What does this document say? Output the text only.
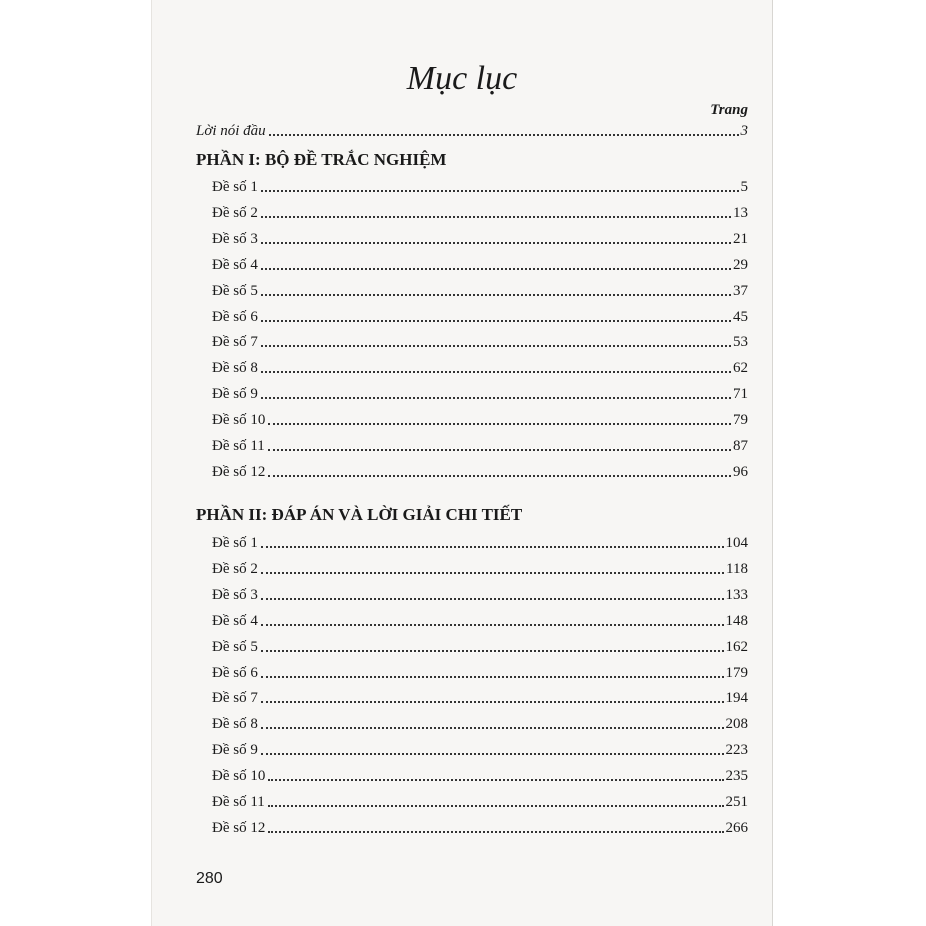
Mục lục
Trang
Lời nói đầu	3
PHẦN I: BỘ ĐỀ TRẮC NGHIỆM
Đề số 1	5
Đề số 2	13
Đề số 3	21
Đề số 4	29
Đề số 5	37
Đề số 6	45
Đề số 7	53
Đề số 8	62
Đề số 9	71
Đề số 10	79
Đề số 11	87
Đề số 12	96
PHẦN II: ĐÁP ÁN VÀ LỜI GIẢI CHI TIẾT
Đề số 1	104
Đề số 2	118
Đề số 3	133
Đề số 4	148
Đề số 5	162
Đề số 6	179
Đề số 7	194
Đề số 8	208
Đề số 9	223
Đề số 10	235
Đề số 11	251
Đề số 12	266
280
